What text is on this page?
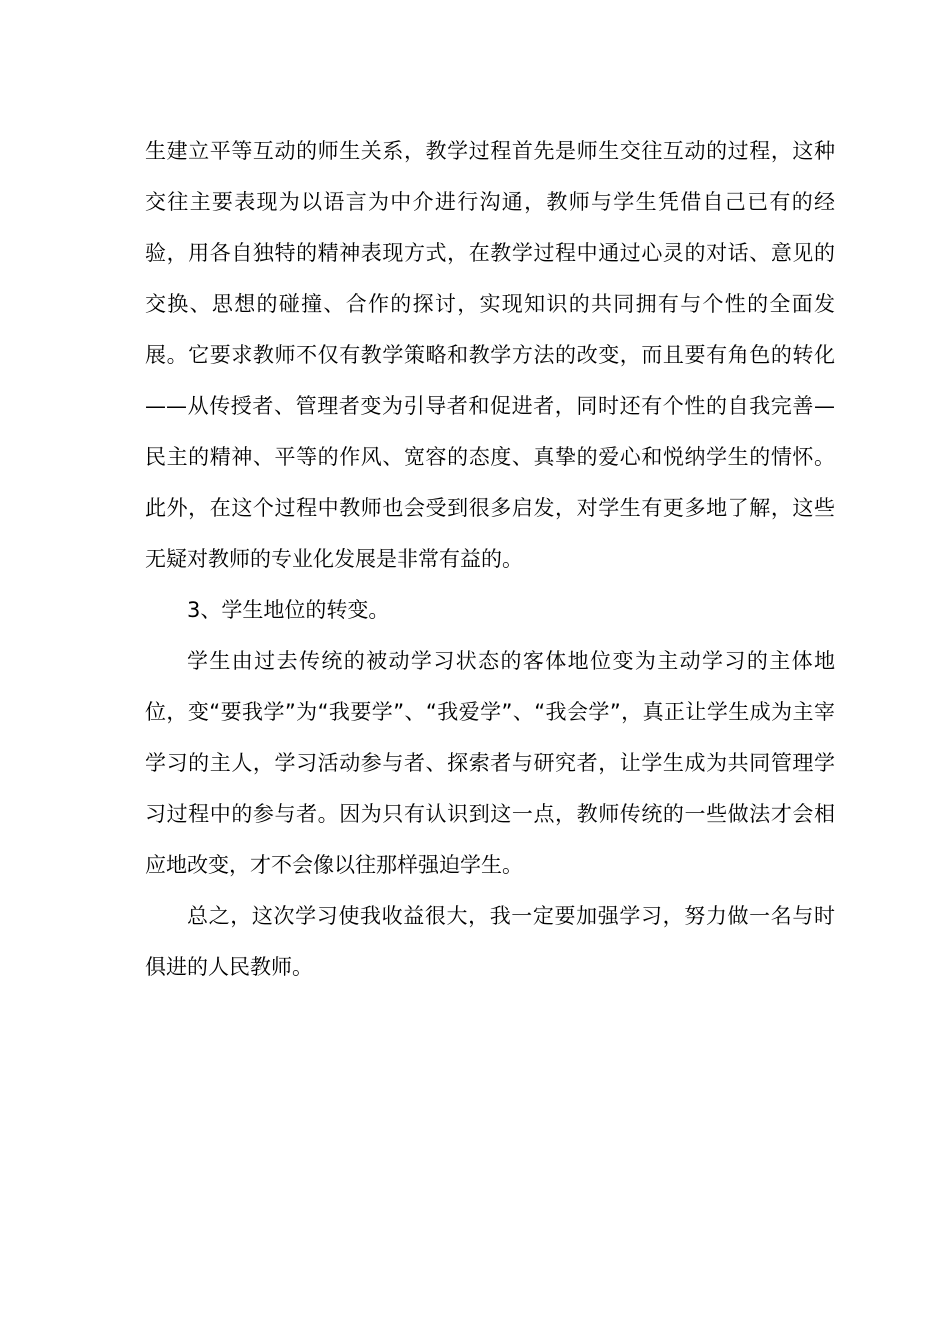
生建立平等互动的师生关系，教学过程首先是师生交往互动的过程，这种交往主要表现为以语言为中介进行沟通，教师与学生凭借自己已有的经验，用各自独特的精神表现方式，在教学过程中通过心灵的对话、意见的交换、思想的碰撞、合作的探讨，实现知识的共同拥有与个性的全面发展。它要求教师不仅有教学策略和教学方法的改变，而且要有角色的转化——从传授者、管理者变为引导者和促进者，同时还有个性的自我完善—民主的精神、平等的作风、宽容的态度、真挚的爱心和悦纳学生的情怀。此外，在这个过程中教师也会受到很多启发，对学生有更多地了解，这些无疑对教师的专业化发展是非常有益的。

3、学生地位的转变。

学生由过去传统的被动学习状态的客体地位变为主动学习的主体地位，变“要我学”为“我要学”、“我爱学”、“我会学”，真正让学生成为主宰学习的主人，学习活动参与者、探索者与研究者，让学生成为共同管理学习过程中的参与者。因为只有认识到这一点，教师传统的一些做法才会相应地改变，才不会像以往那样强迫学生。

总之，这次学习使我收益很大，我一定要加强学习，努力做一名与时俱进的人民教师。
